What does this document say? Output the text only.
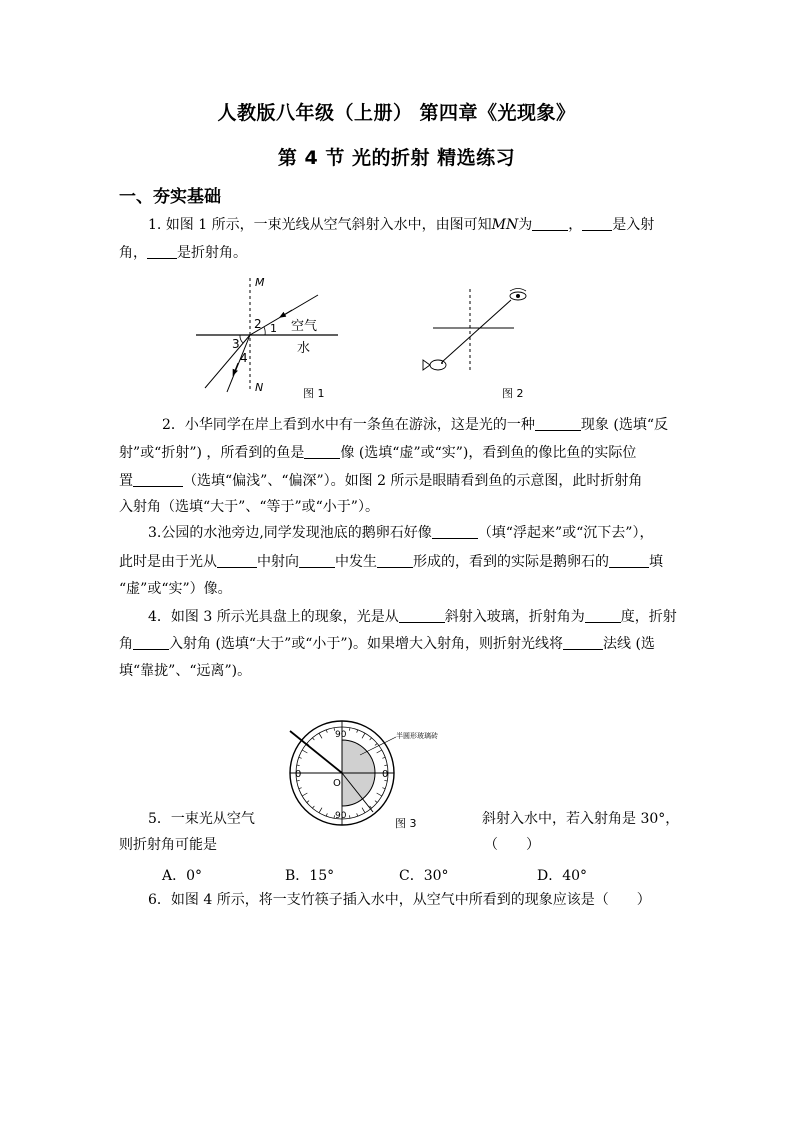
人教版八年级（上册） 第四章《光现象》
第 4 节 光的折射 精选练习
一、夯实基础
1. 如图 1 所示，一束光线从空气斜射入水中，由图可知MN为	， 是入射
角， 是折射角。
M
N
2 1
3
4
空气
水
图 1	图 2
2．小华同学在岸上看到水中有一条鱼在游泳，这是光的一种	现象 (选填“反
射”或“折射”) ，所看到的鱼是	像 (选填“虚”或“实”)，看到鱼的像比鱼的实际位
置	（选填“偏浅”、“偏深”）。如图 2 所示是眼睛看到鱼的示意图，此时折射角
入射角（选填“大于”、“等于”或“小于”）。
3.公园的水池旁边,同学发现池底的鹅卵石好像	（填“浮起来”或“沉下去”），
此时是由于光从	中射向	中发生	形成的，看到的实际是鹅卵石的	填
“虚”或“实”）像。
4．如图 3 所示光具盘上的现象，光是从	斜射入玻璃，折射角为	度，折射
角	入射角 (选填“大于”或“小于”)。如果增大入射角，则折射光线将	法线 (选
填“靠拢”、“远离”)。
90
90
0	0
O
半圆形玻璃砖
图 3
5．一束光从空气	斜射入水中，若入射角是 30°，
则折射角可能是	（　　）
A．0°	B．15°	C．30°	D．40°
6．如图 4 所示，将一支竹筷子插入水中，从空气中所看到的现象应该是（　　）
